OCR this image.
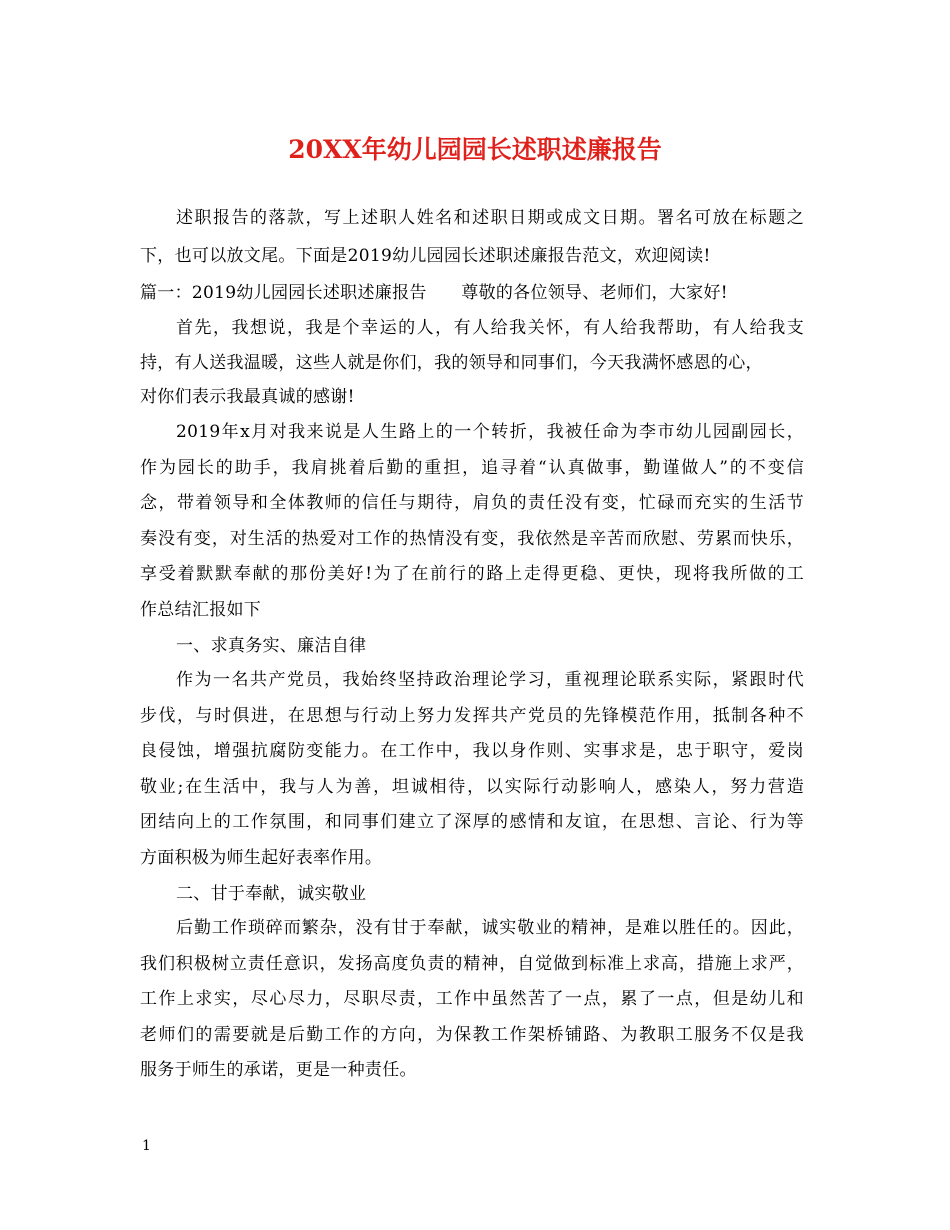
20XX年幼儿园园长述职述廉报告
述职报告的落款，写上述职人姓名和述职日期或成文日期。署名可放在标题之
下，也可以放文尾。下面是2019幼儿园园长述职述廉报告范文，欢迎阅读!
篇一：2019幼儿园园长述职述廉报告　　尊敬的各位领导、老师们，大家好!
首先，我想说，我是个幸运的人，有人给我关怀，有人给我帮助，有人给我支
持，有人送我温暖，这些人就是你们，我的领导和同事们，今天我满怀感恩的心，
对你们表示我最真诚的感谢!
2019年x月对我来说是人生路上的一个转折，我被任命为李市幼儿园副园长，
作为园长的助手，我肩挑着后勤的重担，追寻着“认真做事，勤谨做人”的不变信
念，带着领导和全体教师的信任与期待，肩负的责任没有变，忙碌而充实的生活节
奏没有变，对生活的热爱对工作的热情没有变，我依然是辛苦而欣慰、劳累而快乐，
享受着默默奉献的那份美好!为了在前行的路上走得更稳、更快，现将我所做的工
作总结汇报如下
一、求真务实、廉洁自律
作为一名共产党员，我始终坚持政治理论学习，重视理论联系实际，紧跟时代
步伐，与时俱进，在思想与行动上努力发挥共产党员的先锋模范作用，抵制各种不
良侵蚀，增强抗腐防变能力。在工作中，我以身作则、实事求是，忠于职守，爱岗
敬业;在生活中，我与人为善，坦诚相待，以实际行动影响人，感染人，努力营造
团结向上的工作氛围，和同事们建立了深厚的感情和友谊，在思想、言论、行为等
方面积极为师生起好表率作用。
二、甘于奉献，诚实敬业
后勤工作琐碎而繁杂，没有甘于奉献，诚实敬业的精神，是难以胜任的。因此，
我们积极树立责任意识，发扬高度负责的精神，自觉做到标准上求高，措施上求严，
工作上求实，尽心尽力，尽职尽责，工作中虽然苦了一点，累了一点，但是幼儿和
老师们的需要就是后勤工作的方向，为保教工作架桥铺路、为教职工服务不仅是我
服务于师生的承诺，更是一种责任。
1
